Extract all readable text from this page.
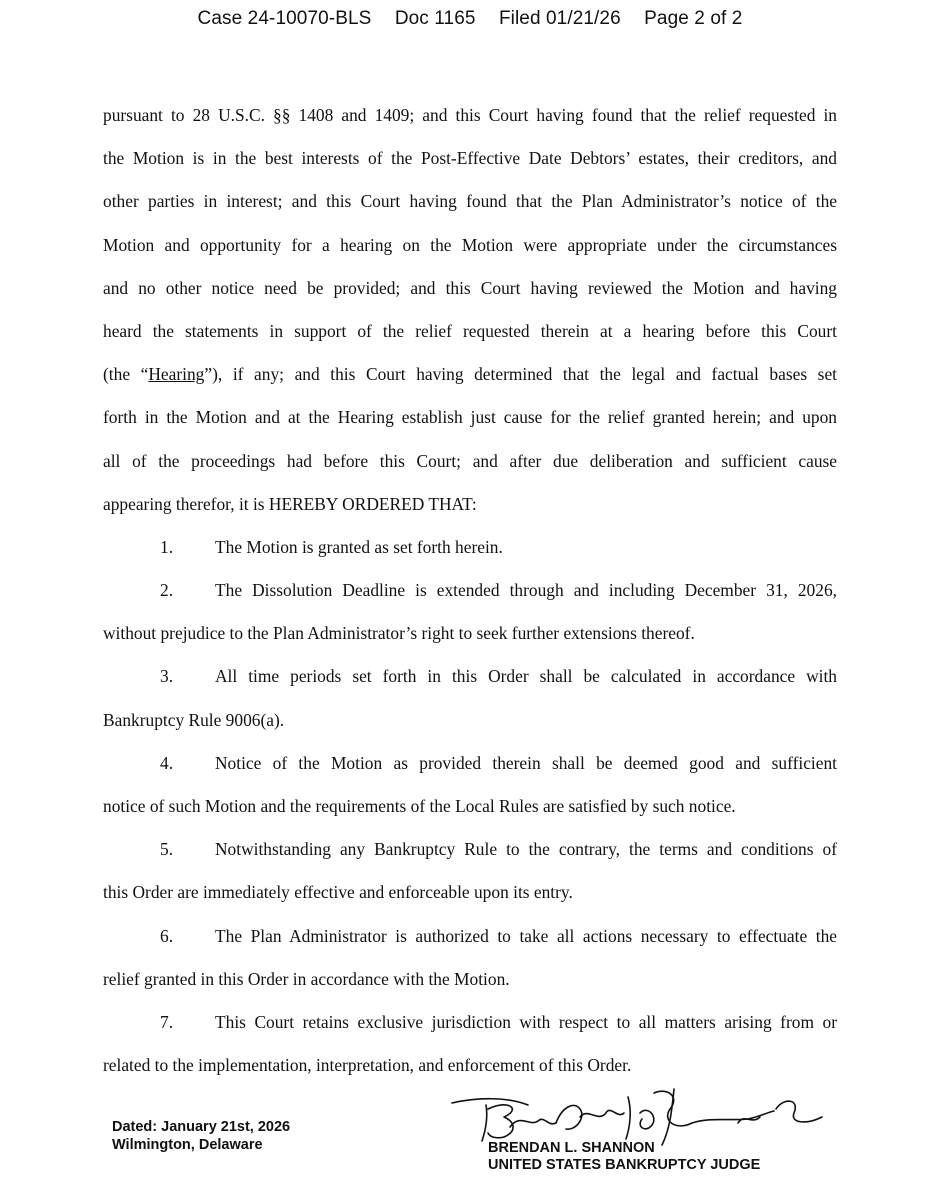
Case 24-10070-BLS Doc 1165 Filed 01/21/26 Page 2 of 2
pursuant to 28 U.S.C. §§ 1408 and 1409; and this Court having found that the relief requested in
the Motion is in the best interests of the Post-Effective Date Debtors’ estates, their creditors, and
other parties in interest; and this Court having found that the Plan Administrator’s notice of the
Motion and opportunity for a hearing on the Motion were appropriate under the circumstances
and no other notice need be provided; and this Court having reviewed the Motion and having
heard the statements in support of the relief requested therein at a hearing before this Court
(the “Hearing”), if any; and this Court having determined that the legal and factual bases set
forth in the Motion and at the Hearing establish just cause for the relief granted herein; and upon
all of the proceedings had before this Court; and after due deliberation and sufficient cause
appearing therefor, it is HEREBY ORDERED THAT:
1. The Motion is granted as set forth herein.
2. The Dissolution Deadline is extended through and including December 31, 2026,
without prejudice to the Plan Administrator’s right to seek further extensions thereof.
3. All time periods set forth in this Order shall be calculated in accordance with
Bankruptcy Rule 9006(a).
4. Notice of the Motion as provided therein shall be deemed good and sufficient
notice of such Motion and the requirements of the Local Rules are satisfied by such notice.
5. Notwithstanding any Bankruptcy Rule to the contrary, the terms and conditions of
this Order are immediately effective and enforceable upon its entry.
6. The Plan Administrator is authorized to take all actions necessary to effectuate the
relief granted in this Order in accordance with the Motion.
7. This Court retains exclusive jurisdiction with respect to all matters arising from or
related to the implementation, interpretation, and enforcement of this Order.
Dated: January 21st, 2026
Wilmington, Delaware	BRENDAN L. SHANNON
UNITED STATES BANKRUPTCY JUDGE
